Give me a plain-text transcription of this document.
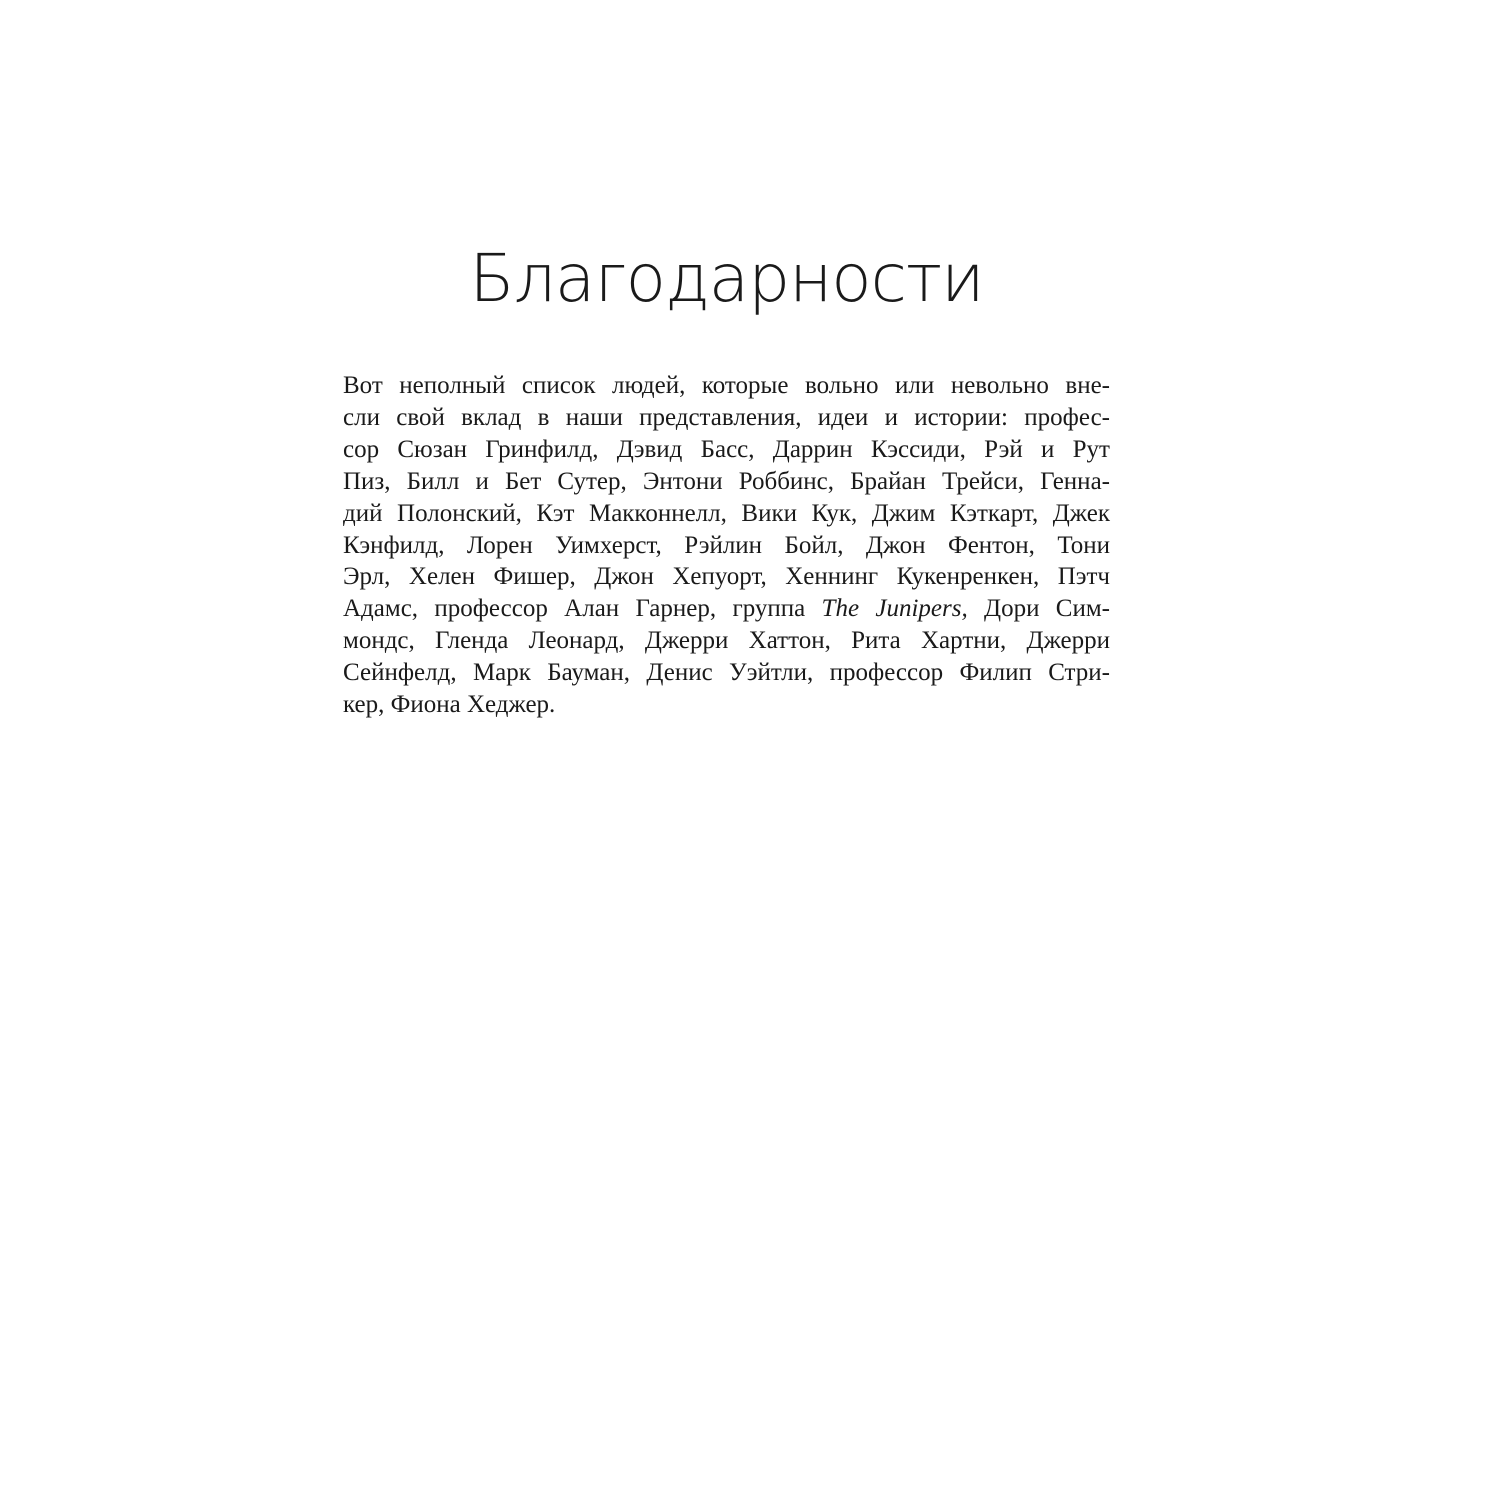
Благодарности
Вот неполный список людей, которые вольно или невольно вне-
сли свой вклад в наши представления, идеи и истории: профес-
сор Сюзан Гринфилд, Дэвид Басс, Даррин Кэссиди, Рэй и Рут
Пиз, Билл и Бет Сутер, Энтони Роббинс, Брайан Трейси, Генна-
дий Полонский, Кэт Макконнелл, Вики Кук, Джим Кэткарт, Джек
Кэнфилд, Лорен Уимхерст, Рэйлин Бойл, Джон Фентон, Тони
Эрл, Хелен Фишер, Джон Хепуорт, Хеннинг Кукенренкен, Пэтч
Адамс, профессор Алан Гарнер, группа The Junipers, Дори Сим-
мондс, Гленда Леонард, Джерри Хаттон, Рита Хартни, Джерри
Сейнфелд, Марк Бауман, Денис Уэйтли, профессор Филип Стри-
кер, Фиона Хеджер.
